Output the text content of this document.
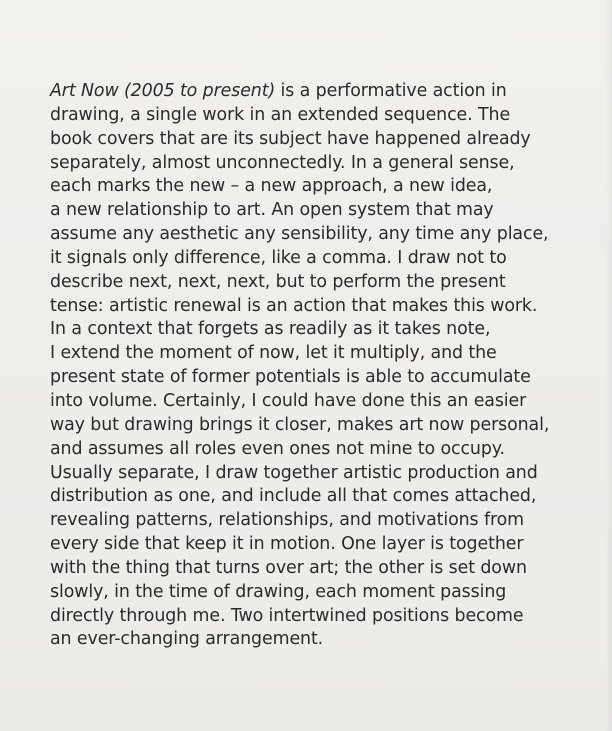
Art Now (2005 to present) is a performative action in
drawing, a single work in an extended sequence. The
book covers that are its subject have happened already
separately, almost unconnectedly. In a general sense,
each marks the new – a new approach, a new idea,
a new relationship to art. An open system that may
assume any aesthetic any sensibility, any time any place,
it signals only difference, like a comma. I draw not to
describe next, next, next, but to perform the present
tense: artistic renewal is an action that makes this work.
In a context that forgets as readily as it takes note,
I extend the moment of now, let it multiply, and the
present state of former potentials is able to accumulate
into volume. Certainly, I could have done this an easier
way but drawing brings it closer, makes art now personal,
and assumes all roles even ones not mine to occupy.
Usually separate, I draw together artistic production and
distribution as one, and include all that comes attached,
revealing patterns, relationships, and motivations from
every side that keep it in motion. One layer is together
with the thing that turns over art; the other is set down
slowly, in the time of drawing, each moment passing
directly through me. Two intertwined positions become
an ever-changing arrangement.
